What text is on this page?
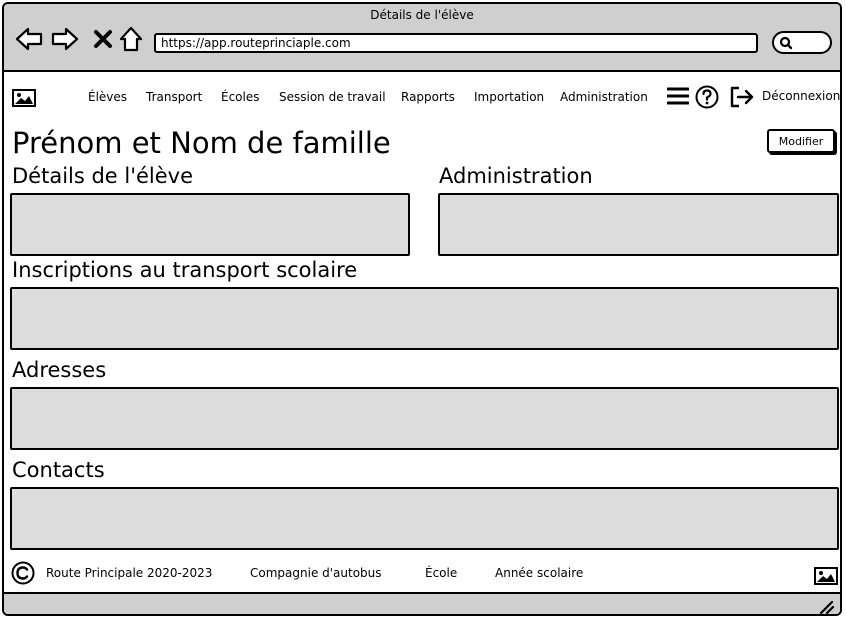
Détails de l'élève
https://app.routeprinciaple.com
Élèves Transport Écoles Session de travail Rapports Importation Administration	Déconnexion
Prénom et Nom de famille	Modifier
Détails de l'élève	Administration
Inscriptions au transport scolaire
Adresses
Contacts
Route Principale 2020-2023	Compagnie d'autobus	École	Année scolaire
